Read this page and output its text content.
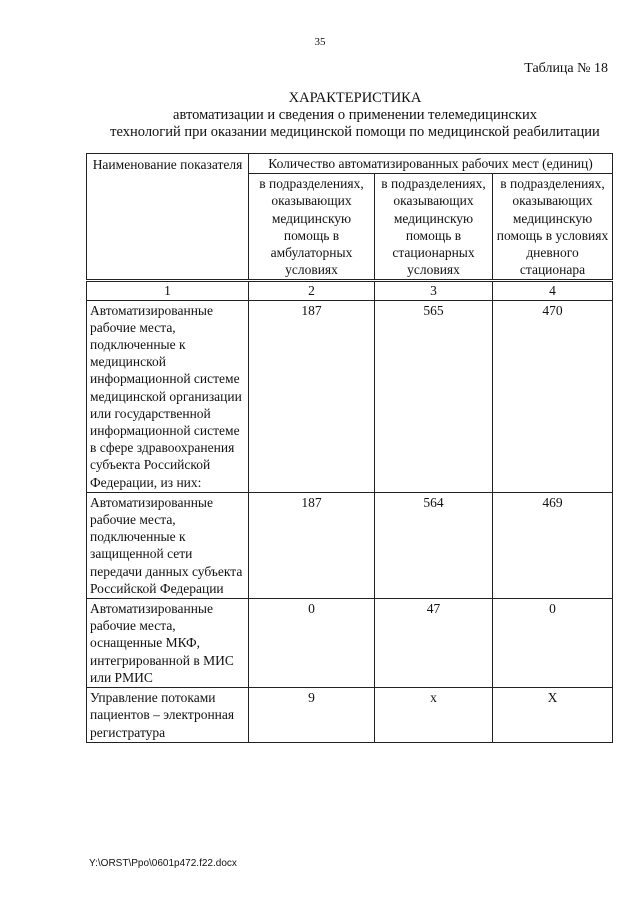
35
Таблица № 18
ХАРАКТЕРИСТИКА
автоматизации и сведения о применении телемедицинских
технологий при оказании медицинской помощи по медицинской реабилитации
Наименование показателя	Количество автоматизированных рабочих мест (единиц)		
	в подразделениях, оказывающих медицинскую помощь в амбулаторных условиях	в подразделениях, оказывающих медицинскую помощь в стационарных условиях	в подразделениях, оказывающих медицинскую помощь в условиях дневного стационара

1	2	3	4
Автоматизированные рабочие места, подключенные к медицинской информационной системе медицинской организации или государственной информационной системе в сфере здравоохранения субъекта Российской Федерации, из них:	187	565	470
Автоматизированные рабочие места, подключенные к защищенной сети передачи данных субъекта Российской Федерации	187	564	469
Автоматизированные рабочие места, оснащенные МКФ, интегрированной в МИС или РМИС	0	47	0
Управление потоками пациентов – электронная регистратура	9	х	Х
Y:\ORST\Ppo\0601p472.f22.docx
